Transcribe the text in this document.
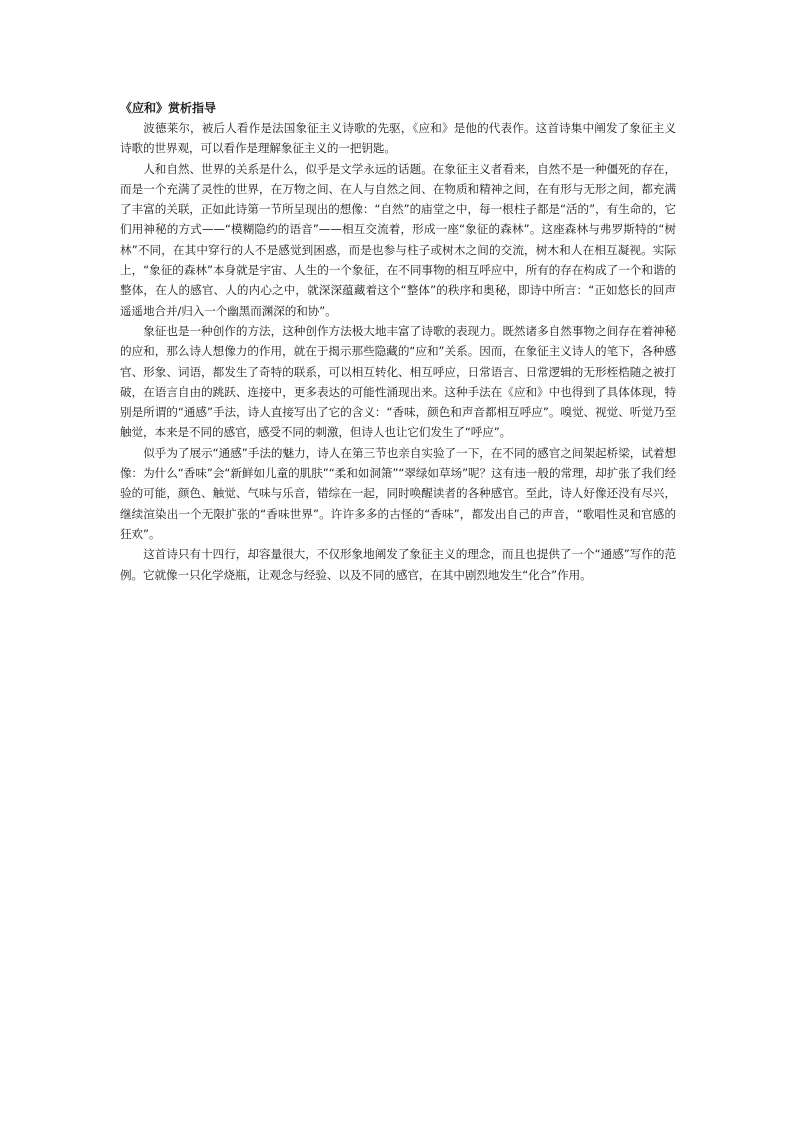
《应和》赏析指导

波德莱尔，被后人看作是法国象征主义诗歌的先驱，《应和》是他的代表作。这首诗集中阐发了象征主义诗歌的世界观，可以看作是理解象征主义的一把钥匙。

人和自然、世界的关系是什么，似乎是文学永远的话题。在象征主义者看来，自然不是一种僵死的存在，而是一个充满了灵性的世界，在万物之间、在人与自然之间、在物质和精神之间，在有形与无形之间，都充满了丰富的关联，正如此诗第一节所呈现出的想像：“自然”的庙堂之中，每一根柱子都是“活的”，有生命的，它们用神秘的方式——“模糊隐约的语音”——相互交流着，形成一座“象征的森林”。这座森林与弗罗斯特的“树林”不同，在其中穿行的人不是感觉到困惑，而是也参与柱子或树木之间的交流，树木和人在相互凝视。实际上，“象征的森林”本身就是宇宙、人生的一个象征，在不同事物的相互呼应中，所有的存在构成了一个和谐的整体，在人的感官、人的内心之中，就深深蕴藏着这个“整体”的秩序和奥秘，即诗中所言：“正如悠长的回声遥遥地合并/归入一个幽黑而渊深的和协”。

象征也是一种创作的方法，这种创作方法极大地丰富了诗歌的表现力。既然诸多自然事物之间存在着神秘的应和，那么诗人想像力的作用，就在于揭示那些隐藏的“应和”关系。因而，在象征主义诗人的笔下，各种感官、形象、词语，都发生了奇特的联系，可以相互转化、相互呼应，日常语言、日常逻辑的无形桎梏随之被打破，在语言自由的跳跃、连接中，更多表达的可能性涌现出来。这种手法在《应和》中也得到了具体体现，特别是所谓的“通感”手法，诗人直接写出了它的含义：“香味，颜色和声音都相互呼应”。嗅觉、视觉、听觉乃至触觉，本来是不同的感官，感受不同的刺激，但诗人也让它们发生了“呼应”。

似乎为了展示“通感”手法的魅力，诗人在第三节也亲自实验了一下，在不同的感官之间架起桥梁，试着想像：为什么“香味”会“新鲜如儿童的肌肤”“柔和如洞箫”“翠绿如草场”呢？这有违一般的常理，却扩张了我们经验的可能，颜色、触觉、气味与乐音，错综在一起，同时唤醒读者的各种感官。至此，诗人好像还没有尽兴，继续渲染出一个无限扩张的“香味世界”。许许多多的古怪的“香味”，都发出自己的声音，“歌唱性灵和官感的狂欢”。

这首诗只有十四行，却容量很大，不仅形象地阐发了象征主义的理念，而且也提供了一个“通感”写作的范例。它就像一只化学烧瓶，让观念与经验、以及不同的感官，在其中剧烈地发生“化合”作用。
